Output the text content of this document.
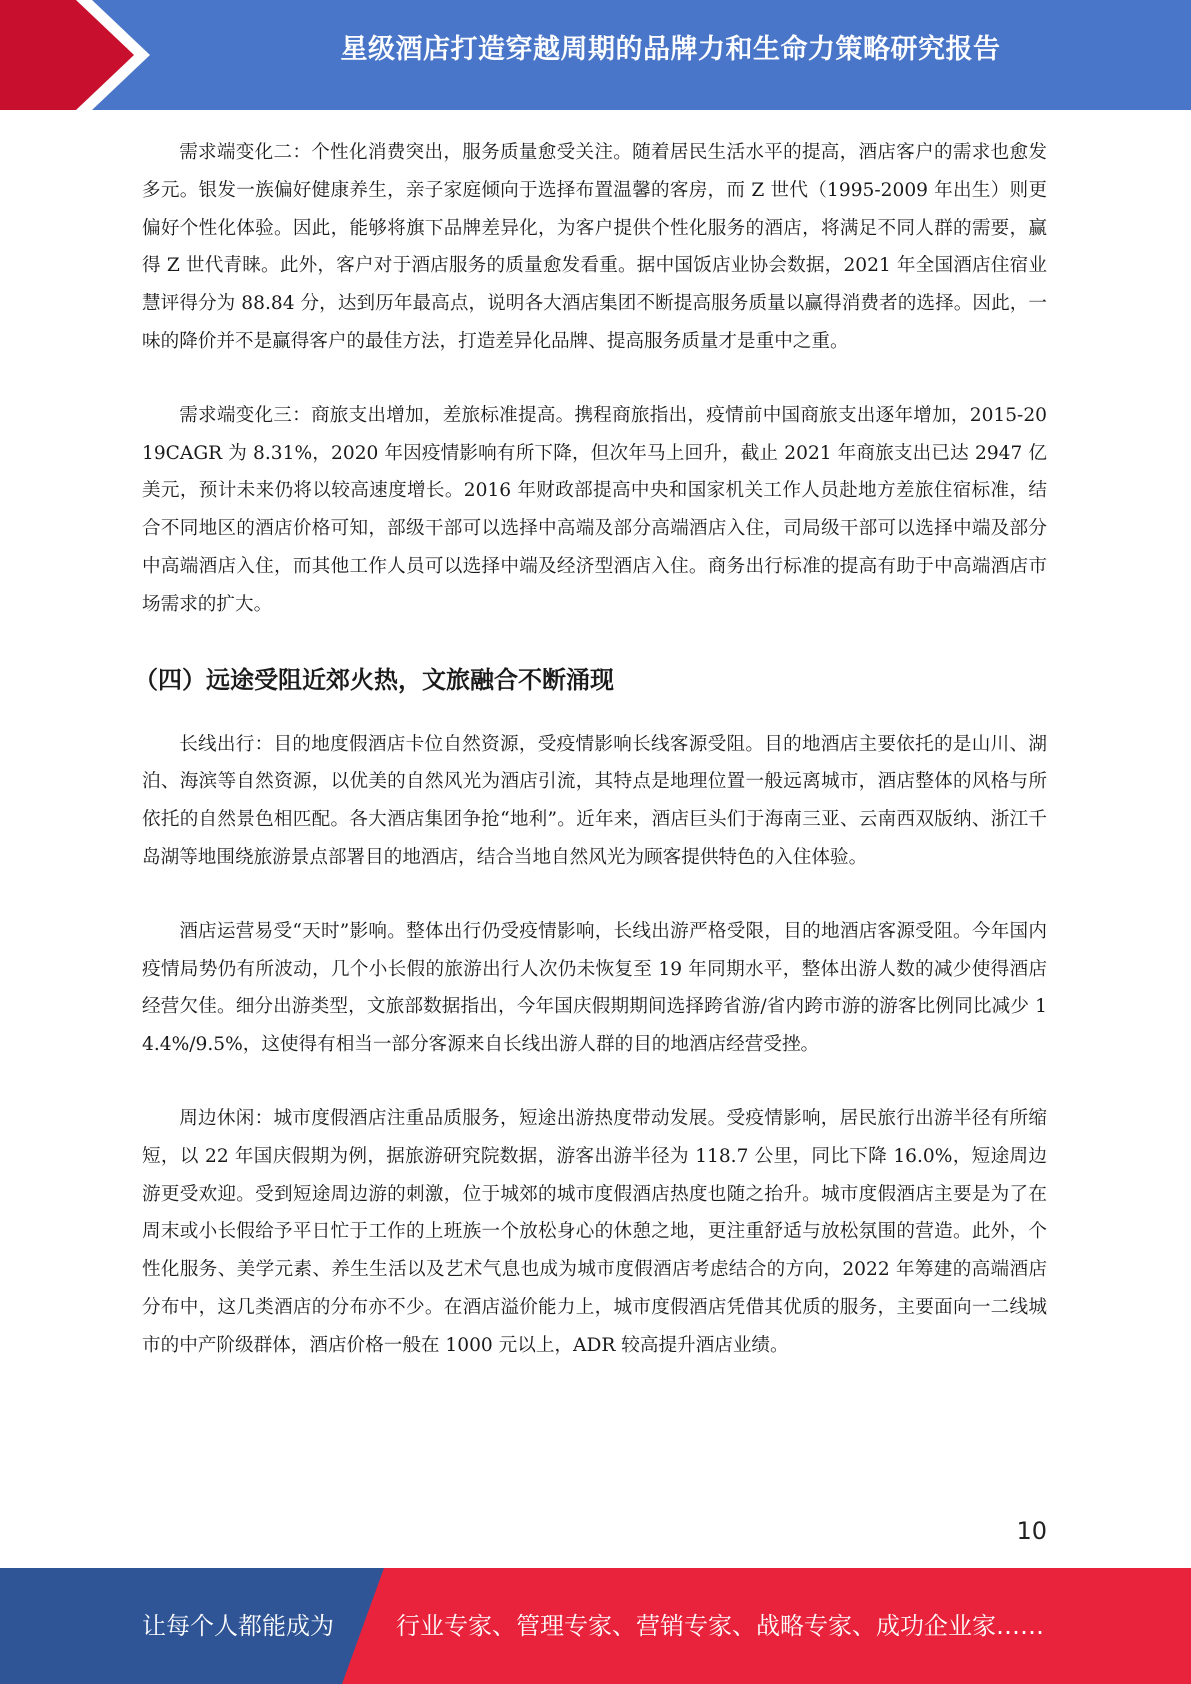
星级酒店打造穿越周期的品牌力和生命力策略研究报告

需求端变化二：个性化消费突出，服务质量愈受关注。随着居民生活水平的提高，酒店客户的需求也愈发多元。银发一族偏好健康养生，亲子家庭倾向于选择布置温馨的客房，而 Z 世代（1995-2009 年出生）则更偏好个性化体验。因此，能够将旗下品牌差异化，为客户提供个性化服务的酒店，将满足不同人群的需要，赢得 Z 世代青睐。此外，客户对于酒店服务的质量愈发看重。据中国饭店业协会数据，2021 年全国酒店住宿业慧评得分为 88.84 分，达到历年最高点，说明各大酒店集团不断提高服务质量以赢得消费者的选择。因此，一味的降价并不是赢得客户的最佳方法，打造差异化品牌、提高服务质量才是重中之重。

需求端变化三：商旅支出增加，差旅标准提高。携程商旅指出，疫情前中国商旅支出逐年增加，2015-2019CAGR 为 8.31%，2020 年因疫情影响有所下降，但次年马上回升，截止 2021 年商旅支出已达 2947 亿美元，预计未来仍将以较高速度增长。2016 年财政部提高中央和国家机关工作人员赴地方差旅住宿标准，结合不同地区的酒店价格可知，部级干部可以选择中高端及部分高端酒店入住，司局级干部可以选择中端及部分中高端酒店入住，而其他工作人员可以选择中端及经济型酒店入住。商务出行标准的提高有助于中高端酒店市场需求的扩大。

（四）远途受阻近郊火热，文旅融合不断涌现

长线出行：目的地度假酒店卡位自然资源，受疫情影响长线客源受阻。目的地酒店主要依托的是山川、湖泊、海滨等自然资源，以优美的自然风光为酒店引流，其特点是地理位置一般远离城市，酒店整体的风格与所依托的自然景色相匹配。各大酒店集团争抢“地利”。近年来，酒店巨头们于海南三亚、云南西双版纳、浙江千岛湖等地围绕旅游景点部署目的地酒店，结合当地自然风光为顾客提供特色的入住体验。

酒店运营易受“天时”影响。整体出行仍受疫情影响，长线出游严格受限，目的地酒店客源受阻。今年国内疫情局势仍有所波动，几个小长假的旅游出行人次仍未恢复至 19 年同期水平，整体出游人数的减少使得酒店经营欠佳。细分出游类型，文旅部数据指出，今年国庆假期期间选择跨省游/省内跨市游的游客比例同比减少 14.4%/9.5%，这使得有相当一部分客源来自长线出游人群的目的地酒店经营受挫。

周边休闲：城市度假酒店注重品质服务，短途出游热度带动发展。受疫情影响，居民旅行出游半径有所缩短，以 22 年国庆假期为例，据旅游研究院数据，游客出游半径为 118.7 公里，同比下降 16.0%，短途周边游更受欢迎。受到短途周边游的刺激，位于城郊的城市度假酒店热度也随之抬升。城市度假酒店主要是为了在周末或小长假给予平日忙于工作的上班族一个放松身心的休憩之地，更注重舒适与放松氛围的营造。此外，个性化服务、美学元素、养生生活以及艺术气息也成为城市度假酒店考虑结合的方向，2022 年筹建的高端酒店分布中，这几类酒店的分布亦不少。在酒店溢价能力上，城市度假酒店凭借其优质的服务，主要面向一二线城市的中产阶级群体，酒店价格一般在 1000 元以上，ADR 较高提升酒店业绩。

10
让每个人都能成为	行业专家、管理专家、营销专家、战略专家、成功企业家……
